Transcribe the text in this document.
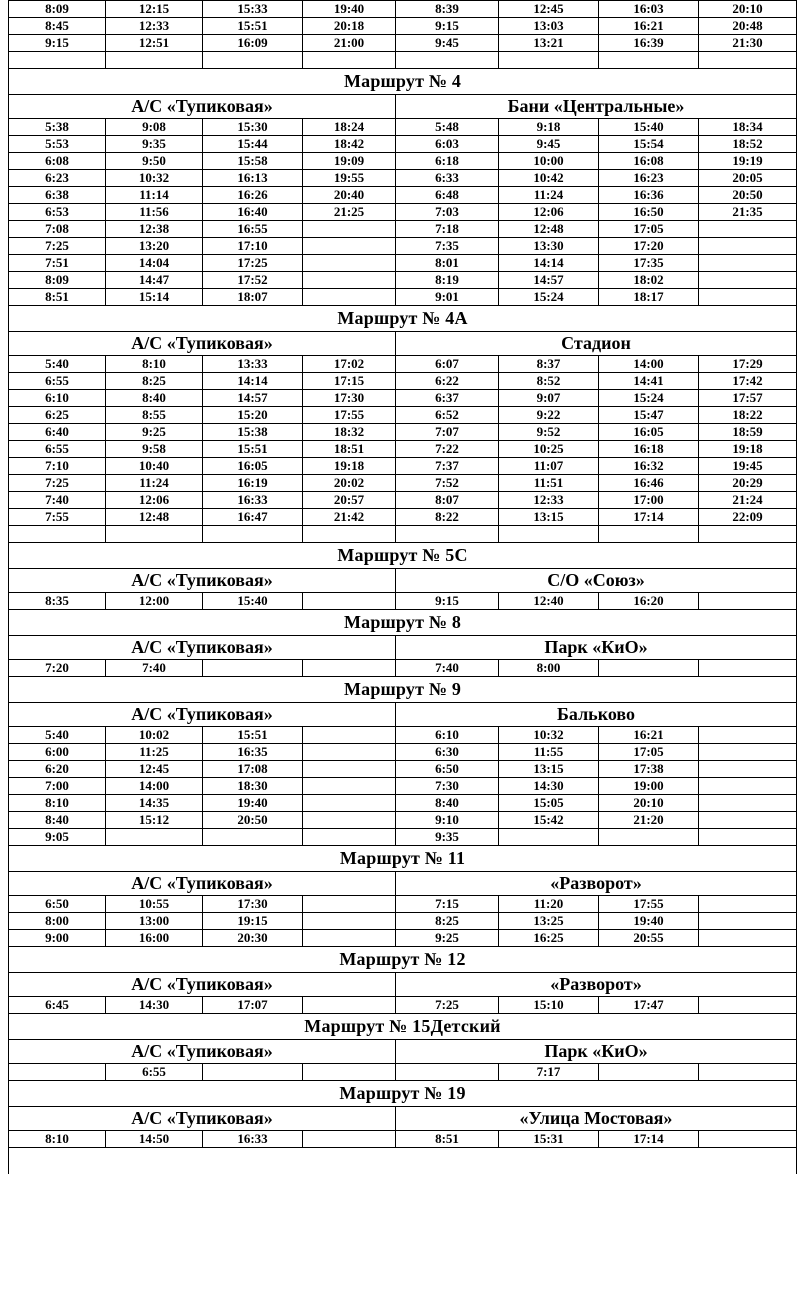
8:09	12:15	15:33	19:40	8:39	12:45	16:03	20:10
8:45	12:33	15:51	20:18	9:15	13:03	16:21	20:48
9:15	12:51	16:09	21:00	9:45	13:21	16:39	21:30

Маршрут № 4							
А/С «Тупиковая»				Бани «Центральные»			
5:38	9:08	15:30	18:24	5:48	9:18	15:40	18:34
5:53	9:35	15:44	18:42	6:03	9:45	15:54	18:52
6:08	9:50	15:58	19:09	6:18	10:00	16:08	19:19
6:23	10:32	16:13	19:55	6:33	10:42	16:23	20:05
6:38	11:14	16:26	20:40	6:48	11:24	16:36	20:50
6:53	11:56	16:40	21:25	7:03	12:06	16:50	21:35
7:08	12:38	16:55		7:18	12:48	17:05	
7:25	13:20	17:10		7:35	13:30	17:20	
7:51	14:04	17:25		8:01	14:14	17:35	
8:09	14:47	17:52		8:19	14:57	18:02	
8:51	15:14	18:07		9:01	15:24	18:17	
Маршрут № 4А							
А/С «Тупиковая»				Стадион			
5:40	8:10	13:33	17:02	6:07	8:37	14:00	17:29
6:55	8:25	14:14	17:15	6:22	8:52	14:41	17:42
6:10	8:40	14:57	17:30	6:37	9:07	15:24	17:57
6:25	8:55	15:20	17:55	6:52	9:22	15:47	18:22
6:40	9:25	15:38	18:32	7:07	9:52	16:05	18:59
6:55	9:58	15:51	18:51	7:22	10:25	16:18	19:18
7:10	10:40	16:05	19:18	7:37	11:07	16:32	19:45
7:25	11:24	16:19	20:02	7:52	11:51	16:46	20:29
7:40	12:06	16:33	20:57	8:07	12:33	17:00	21:24
7:55	12:48	16:47	21:42	8:22	13:15	17:14	22:09

Маршрут № 5С							
А/С «Тупиковая»				С/О «Союз»			
8:35	12:00	15:40		9:15	12:40	16:20	
Маршрут № 8							
А/С «Тупиковая»				Парк «КиО»			
7:20	7:40			7:40	8:00		
Маршрут № 9							
А/С «Тупиковая»				Бальково			
5:40	10:02	15:51		6:10	10:32	16:21	
6:00	11:25	16:35		6:30	11:55	17:05	
6:20	12:45	17:08		6:50	13:15	17:38	
7:00	14:00	18:30		7:30	14:30	19:00	
8:10	14:35	19:40		8:40	15:05	20:10	
8:40	15:12	20:50		9:10	15:42	21:20	
9:05				9:35			
Маршрут № 11							
А/С «Тупиковая»				«Разворот»			
6:50	10:55	17:30		7:15	11:20	17:55	
8:00	13:00	19:15		8:25	13:25	19:40	
9:00	16:00	20:30		9:25	16:25	20:55	
Маршрут № 12							
А/С «Тупиковая»				«Разворот»			
6:45	14:30	17:07		7:25	15:10	17:47	
Маршрут № 15Детский							
А/С «Тупиковая»				Парк «КиО»			
	6:55				7:17		
Маршрут № 19							
А/С «Тупиковая»				«Улица Мостовая»			
8:10	14:50	16:33		8:51	15:31	17:14	
